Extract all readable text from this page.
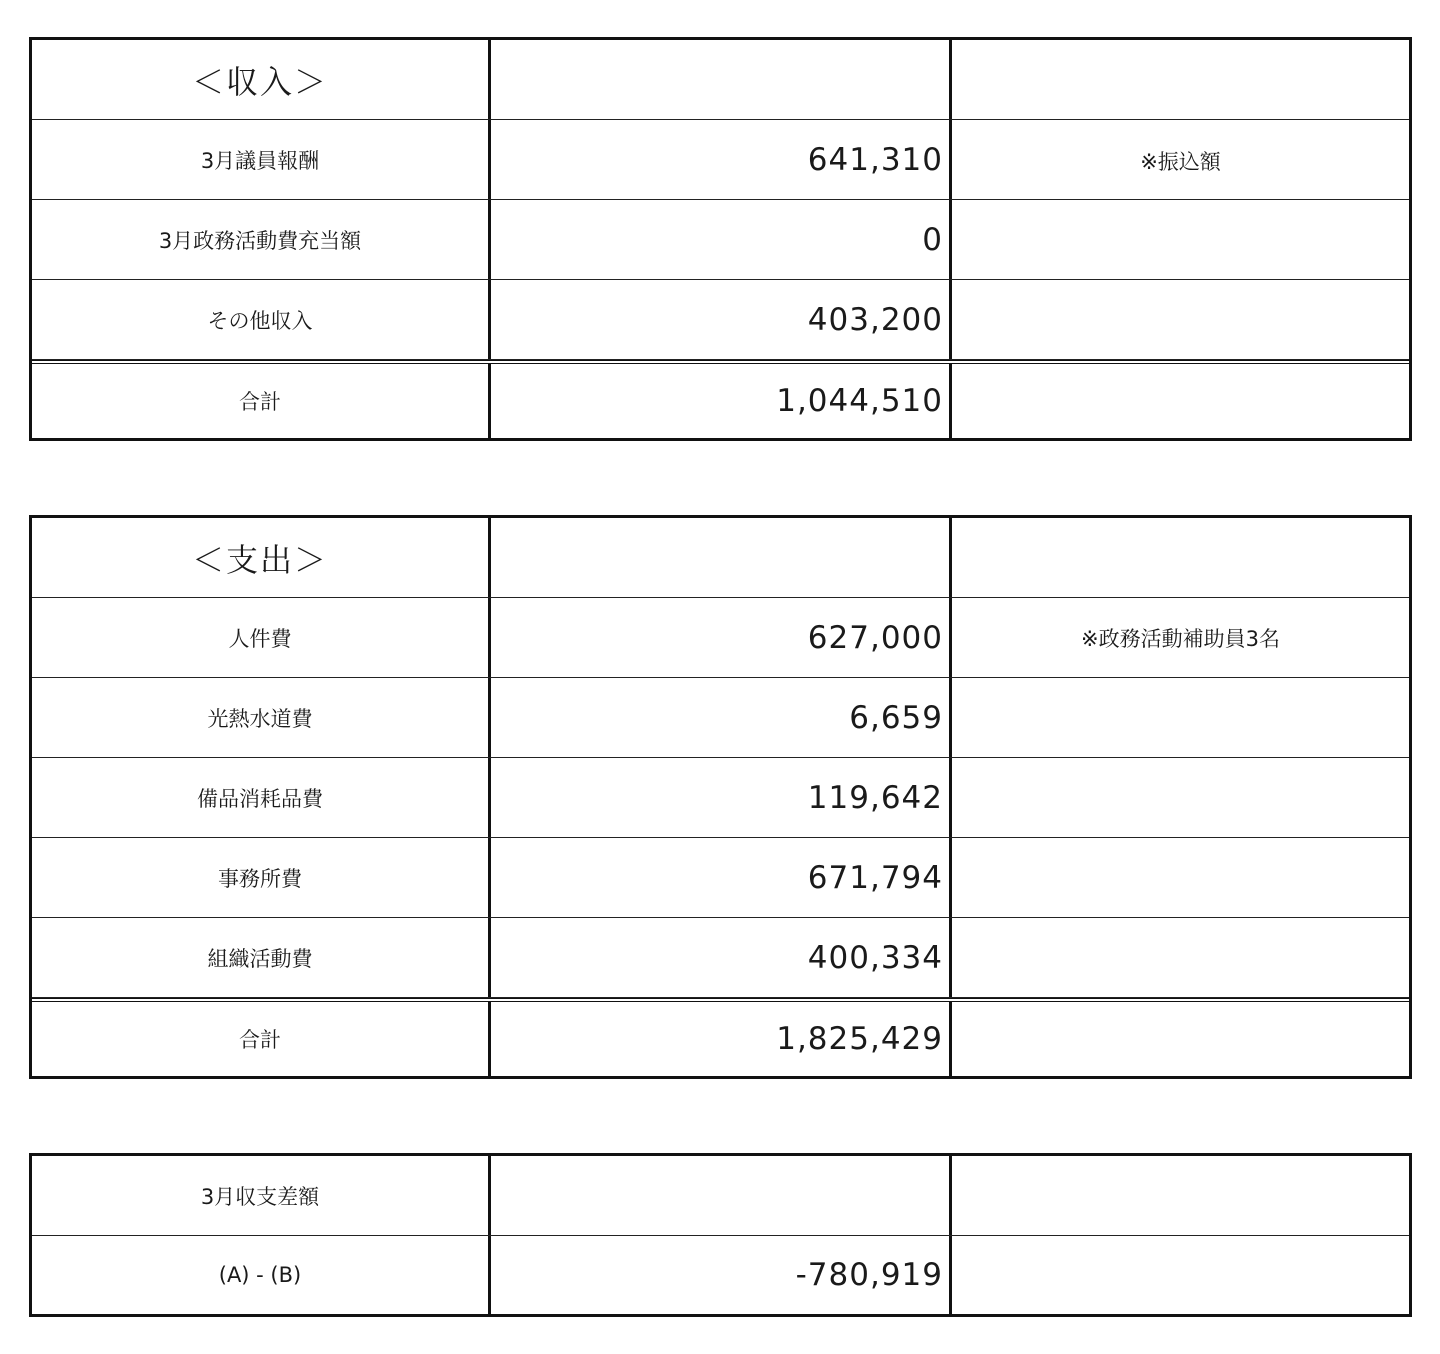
＜収入＞
3月議員報酬	641,310	※振込額
3月政務活動費充当額	0
その他収入	403,200
合計	1,044,510
＜支出＞
人件費	627,000	※政務活動補助員3名
光熱水道費	6,659
備品消耗品費	119,642
事務所費	671,794
組織活動費	400,334
合計	1,825,429
3月収支差額
(A) - (B)	-780,919
